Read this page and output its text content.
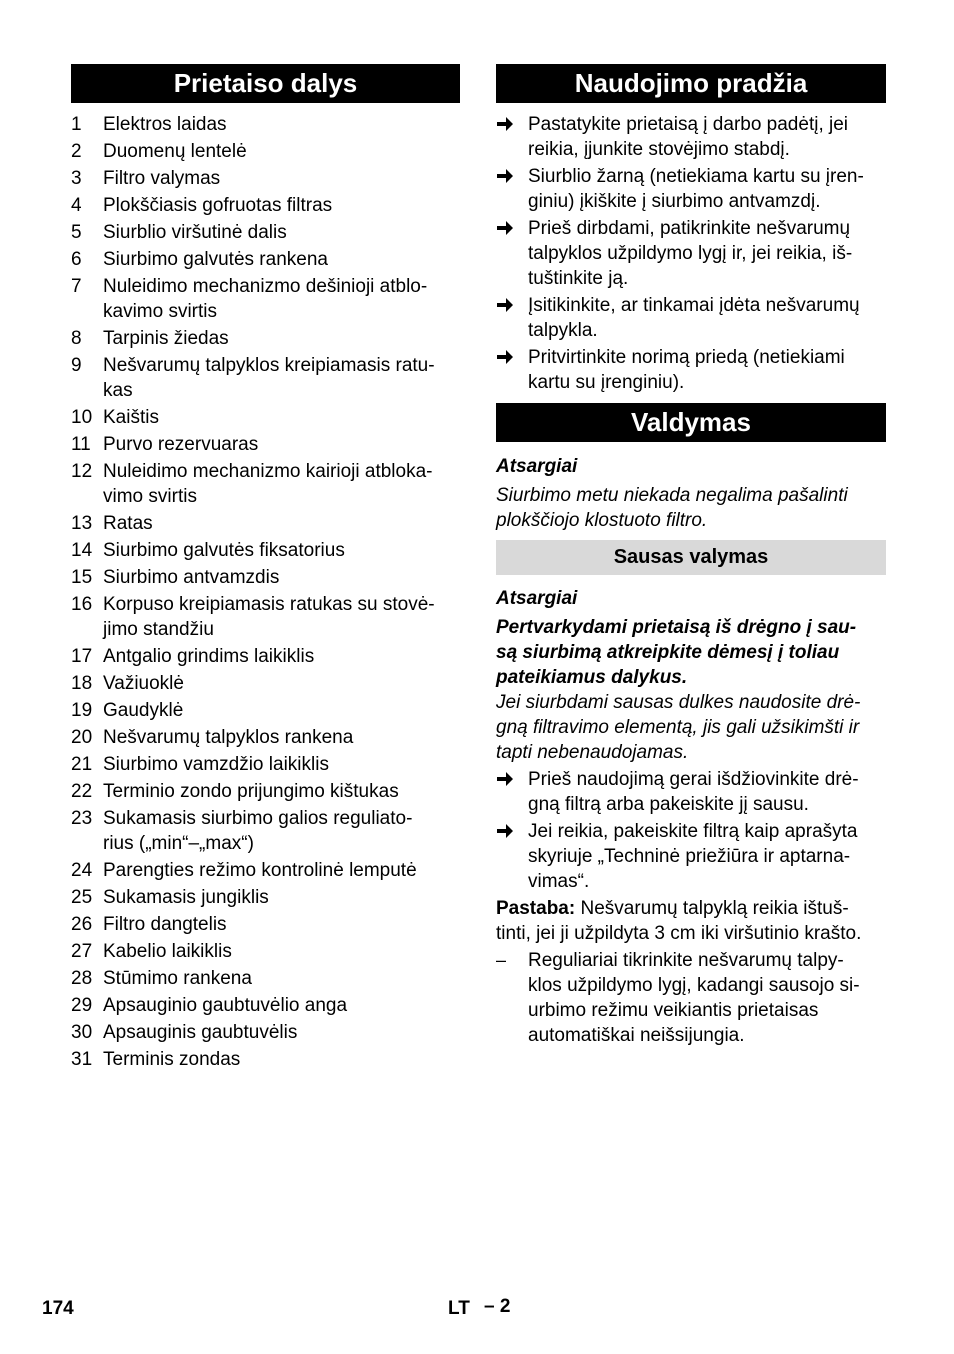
Prietaiso dalys
1	Elektros laidas
2	Duomenų lentelė
3	Filtro valymas
4	Plokščiasis gofruotas filtras
5	Siurblio viršutinė dalis
6	Siurbimo galvutės rankena
7	Nuleidimo mechanizmo dešinioji atblo-
kavimo svirtis
8	Tarpinis žiedas
9	Nešvarumų talpyklos kreipiamasis ratu-
kas
10 Kaištis
11 Purvo rezervuaras
12 Nuleidimo mechanizmo kairioji atbloka-
vimo svirtis
13 Ratas
14 Siurbimo galvutės fiksatorius
15 Siurbimo antvamzdis
16 Korpuso kreipiamasis ratukas su stovė-
jimo standžiu
17 Antgalio grindims laikiklis
18 Važiuoklė
19 Gaudyklė
20 Nešvarumų talpyklos rankena
21 Siurbimo vamzdžio laikiklis
22 Terminio zondo prijungimo kištukas
23 Sukamasis siurbimo galios reguliato-
rius („min“–„max“)
24 Parengties režimo kontrolinė lemputė
25 Sukamasis jungiklis
26 Filtro dangtelis
27 Kabelio laikiklis
28 Stūmimo rankena
29 Apsauginio gaubtuvėlio anga
30 Apsauginis gaubtuvėlis
31 Terminis zondas
Naudojimo pradžia
Pastatykite prietaisą į darbo padėtį, jei
reikia, įjunkite stovėjimo stabdį.
Siurblio žarną (netiekiama kartu su įren-
giniu) įkiškite į siurbimo antvamzdį.
Prieš dirbdami, patikrinkite nešvarumų
talpyklos užpildymo lygį ir, jei reikia, iš-
tuštinkite ją.
Įsitikinkite, ar tinkamai įdėta nešvarumų
talpykla.
Pritvirtinkite norimą priedą (netiekiami
kartu su įrenginiu).
Valdymas
Atsargiai
Siurbimo metu niekada negalima pašalinti
plokščiojo klostuoto filtro.
Sausas valymas
Atsargiai
Pertvarkydami prietaisą iš drėgno į sau-
są siurbimą atkreipkite dėmesį į toliau
pateikiamus dalykus.
Jei siurbdami sausas dulkes naudosite drė-
gną filtravimo elementą, jis gali užsikimšti ir
tapti nebenaudojamas.
Prieš naudojimą gerai išdžiovinkite drė-
gną filtrą arba pakeiskite jį sausu.
Jei reikia, pakeiskite filtrą kaip aprašyta
skyriuje „Techninė priežiūra ir aptarna-
vimas“.
Pastaba: Nešvarumų talpyklą reikia ištuš-
tinti, jei ji užpildyta 3 cm iki viršutinio krašto.
–	Reguliariai tikrinkite nešvarumų talpy-
klos užpildymo lygį, kadangi sausojo si-
urbimo režimu veikiantis prietaisas
automatiškai neišsijungia.
174	LT – 2
